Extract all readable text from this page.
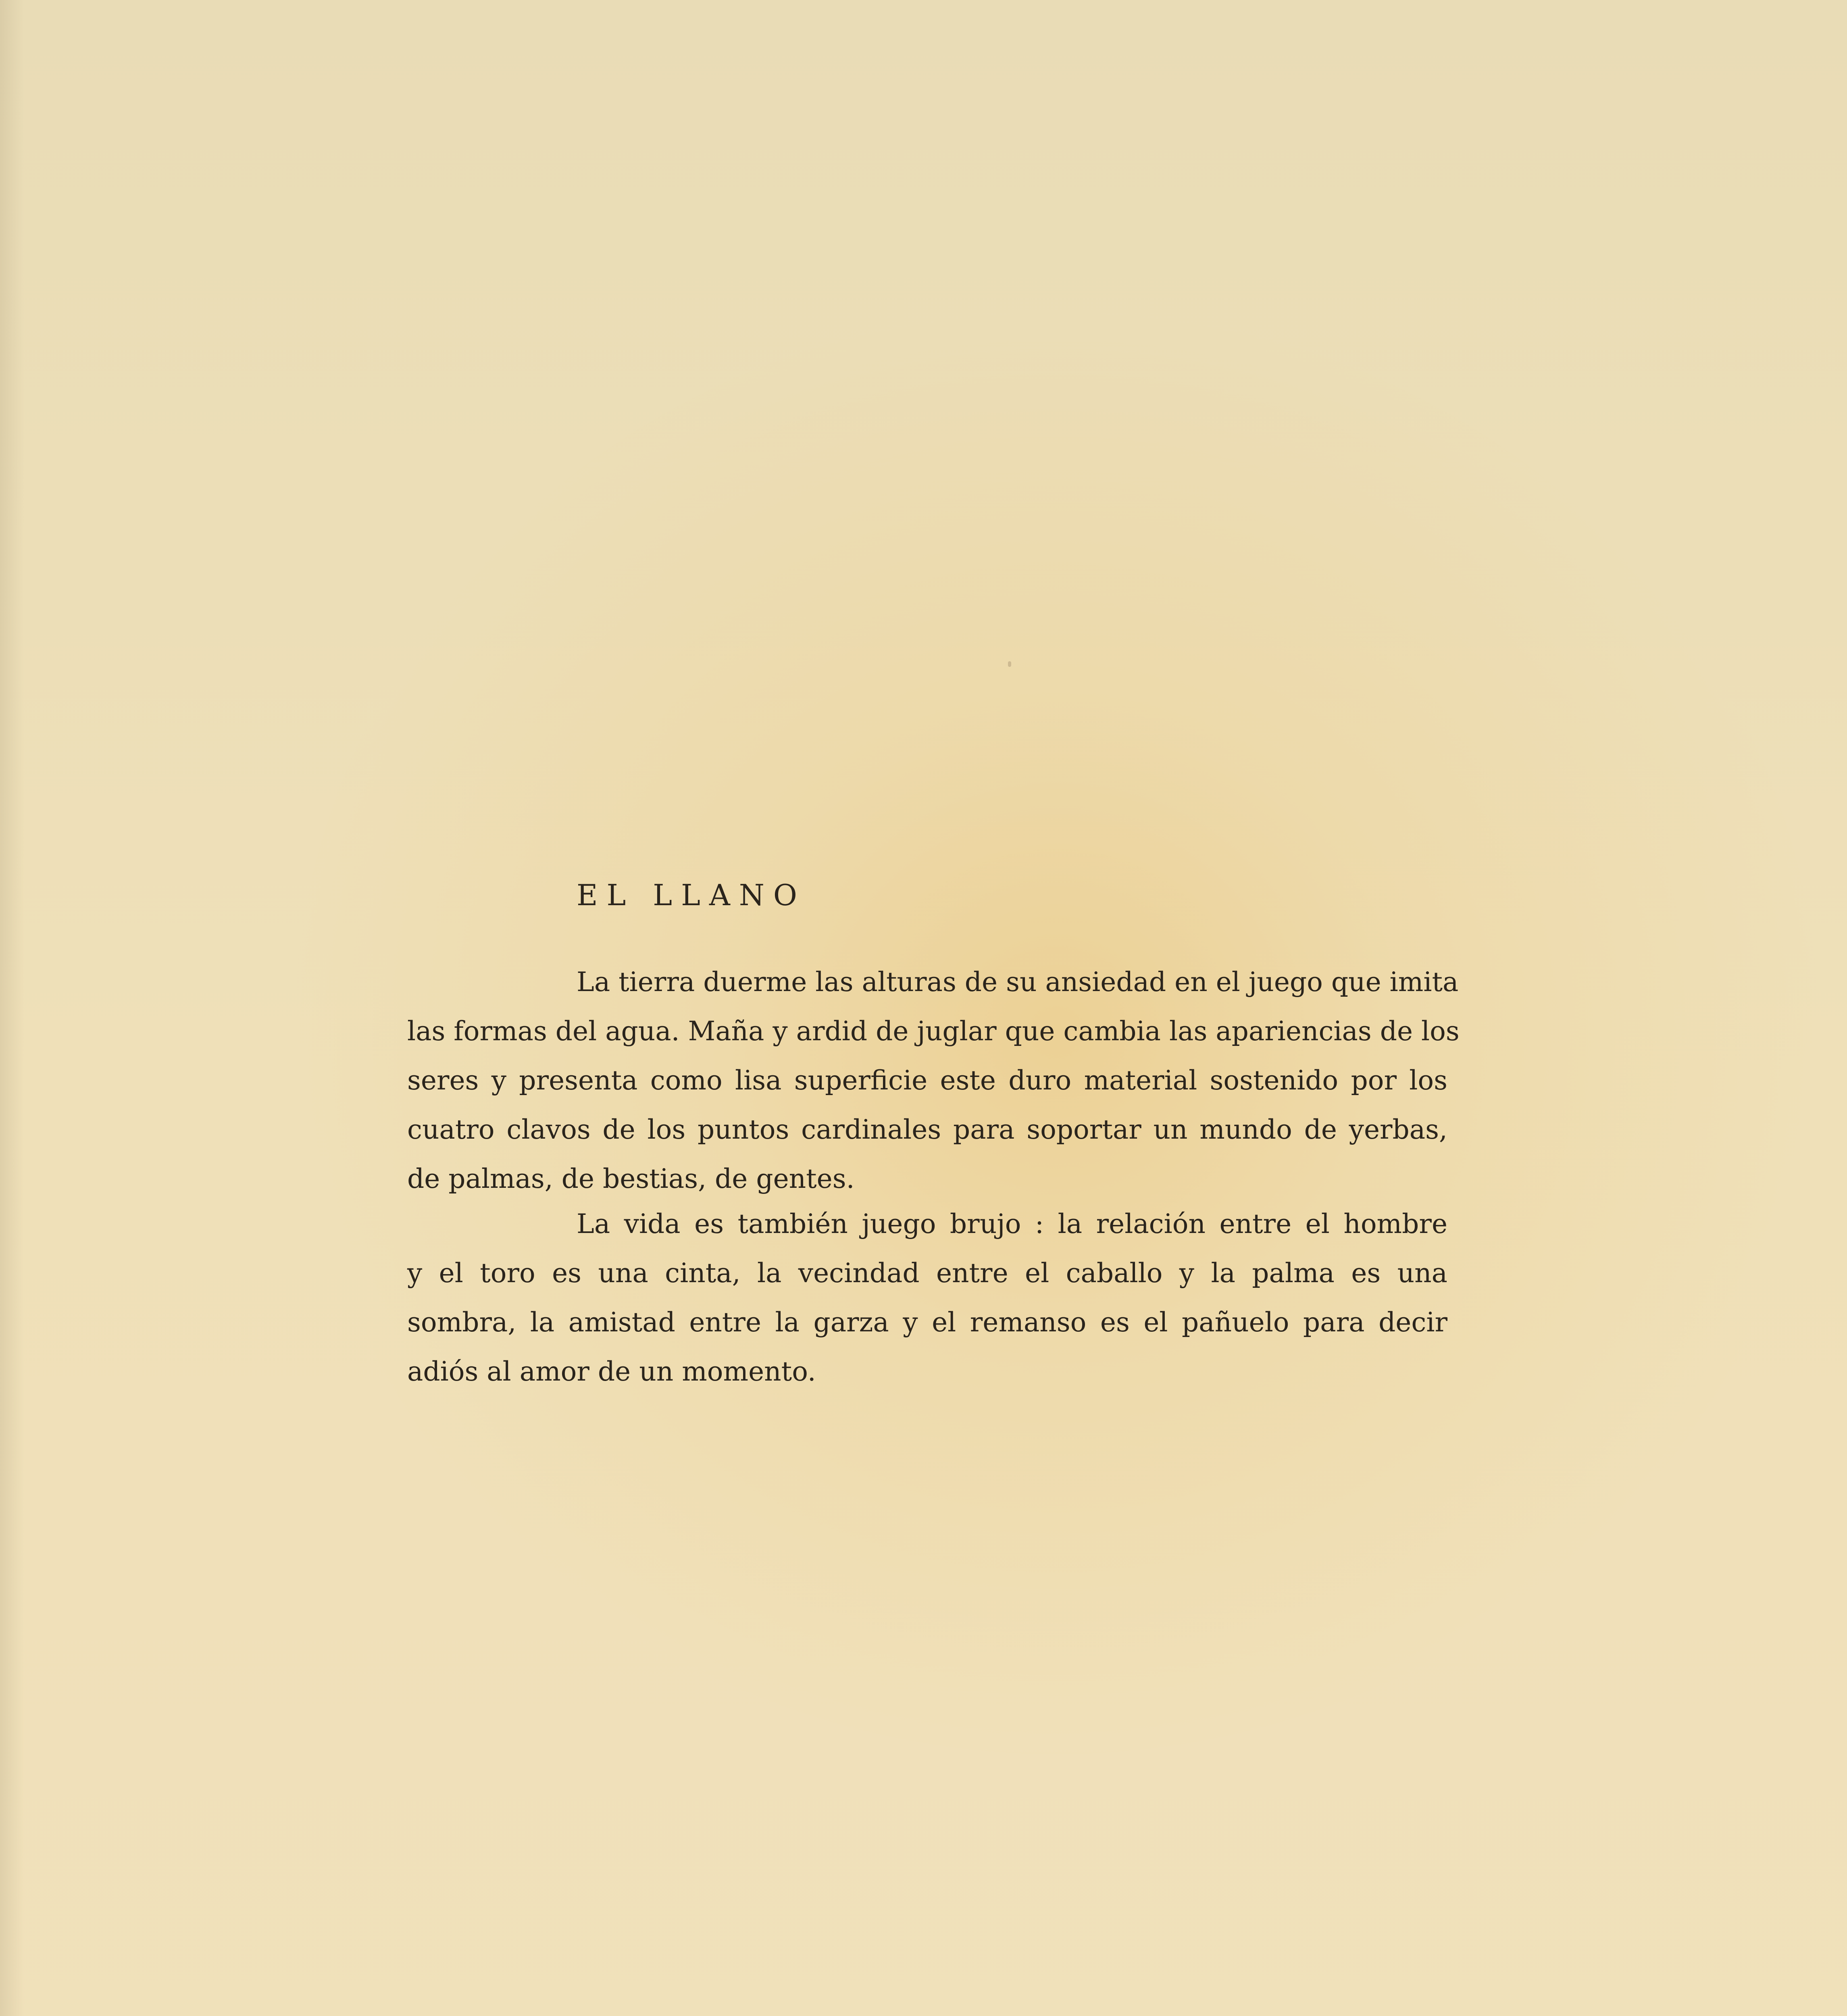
EL LLANO
La tierra duerme las alturas de su ansiedad en el juego que imita
las formas del agua. Maña y ardid de juglar que cambia las apariencias de los
seres y presenta como lisa superficie este duro material sostenido por los
cuatro clavos de los puntos cardinales para soportar un mundo de yerbas,
de palmas, de bestias, de gentes.
La vida es también juego brujo : la relación entre el hombre
y el toro es una cinta, la vecindad entre el caballo y la palma es una
sombra, la amistad entre la garza y el remanso es el pañuelo para decir
adiós al amor de un momento.
